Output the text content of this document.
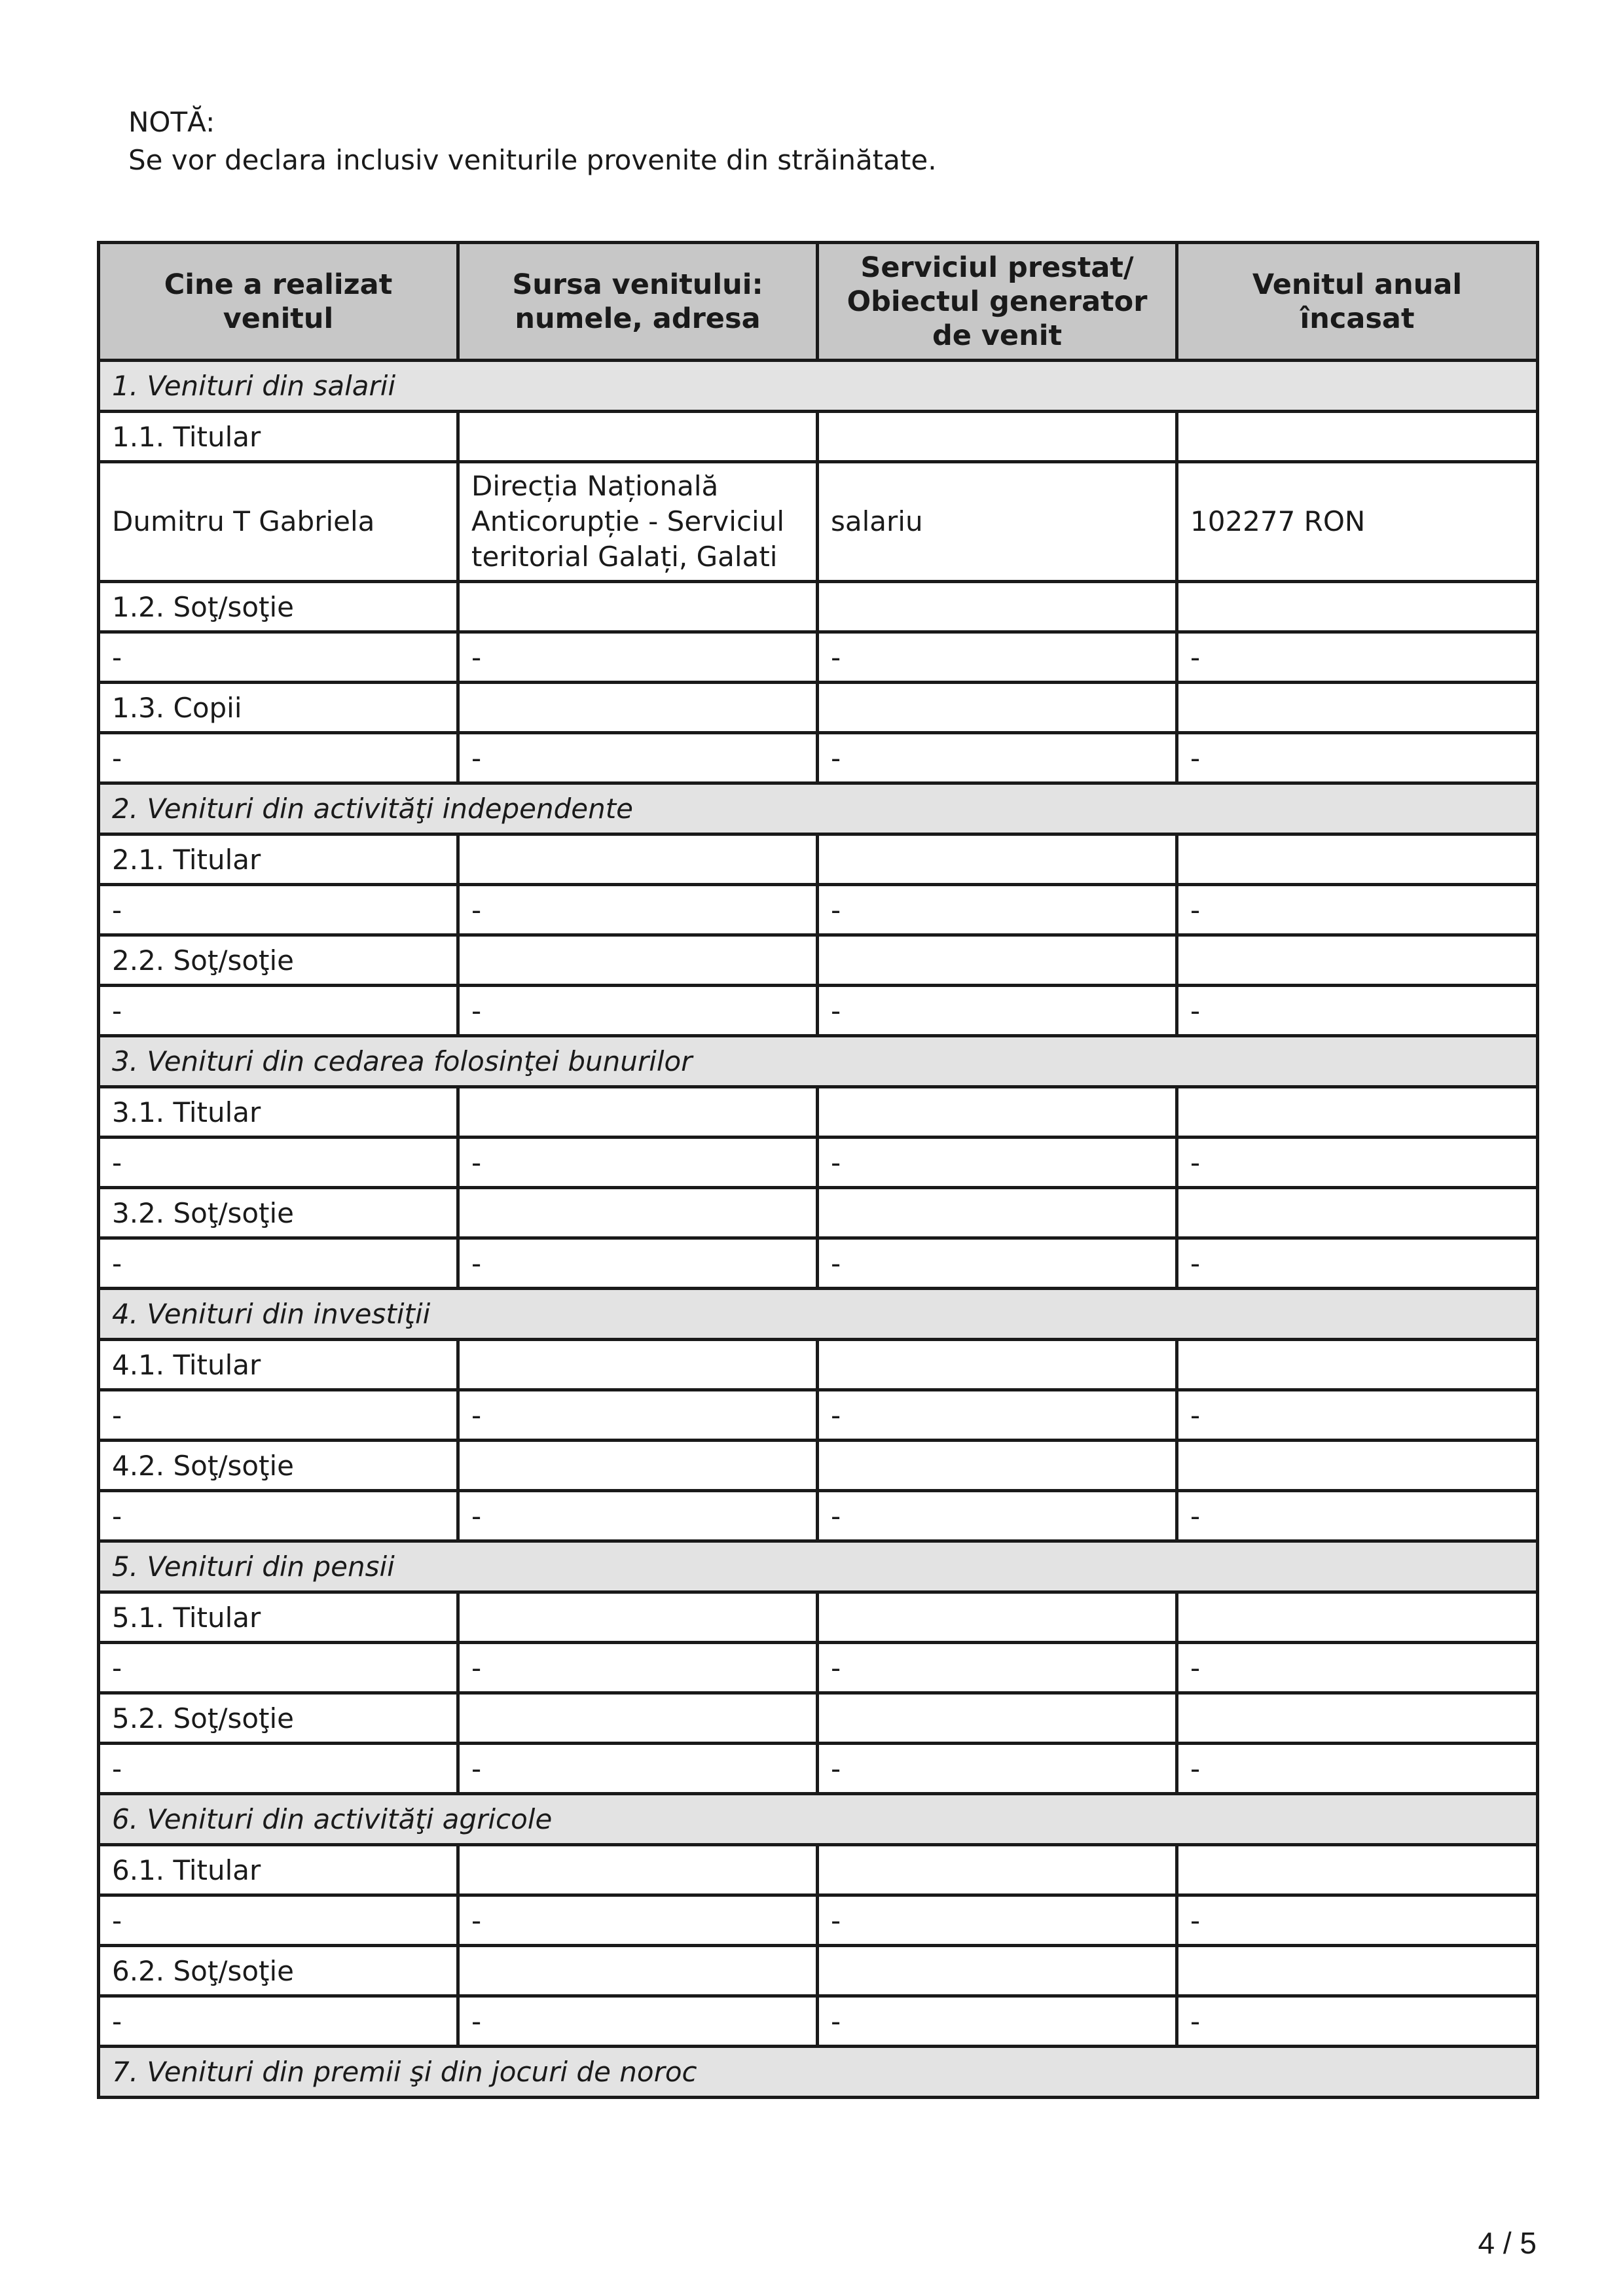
NOTĂ:
Se vor declara inclusiv veniturile provenite din străinătate.
Cine a realizat venitul	Sursa venitului: numele, adresa	Serviciul prestat/ Obiectul generator de venit	Venitul anual încasat
1. Venituri din salarii			
1.1. Titular			
Dumitru T Gabriela	Direcția Națională Anticorupție - Serviciul teritorial Galați, Galati	salariu	102277 RON
1.2. Soţ/soţie			
-	-	-	-
1.3. Copii			
-	-	-	-
2. Venituri din activităţi independente			
2.1. Titular			
-	-	-	-
2.2. Soţ/soţie			
-	-	-	-
3. Venituri din cedarea folosinţei bunurilor			
3.1. Titular			
-	-	-	-
3.2. Soţ/soţie			
-	-	-	-
4. Venituri din investiţii			
4.1. Titular			
-	-	-	-
4.2. Soţ/soţie			
-	-	-	-
5. Venituri din pensii			
5.1. Titular			
-	-	-	-
5.2. Soţ/soţie			
-	-	-	-
6. Venituri din activităţi agricole			
6.1. Titular			
-	-	-	-
6.2. Soţ/soţie			
-	-	-	-
7. Venituri din premii şi din jocuri de noroc			
4 / 5
